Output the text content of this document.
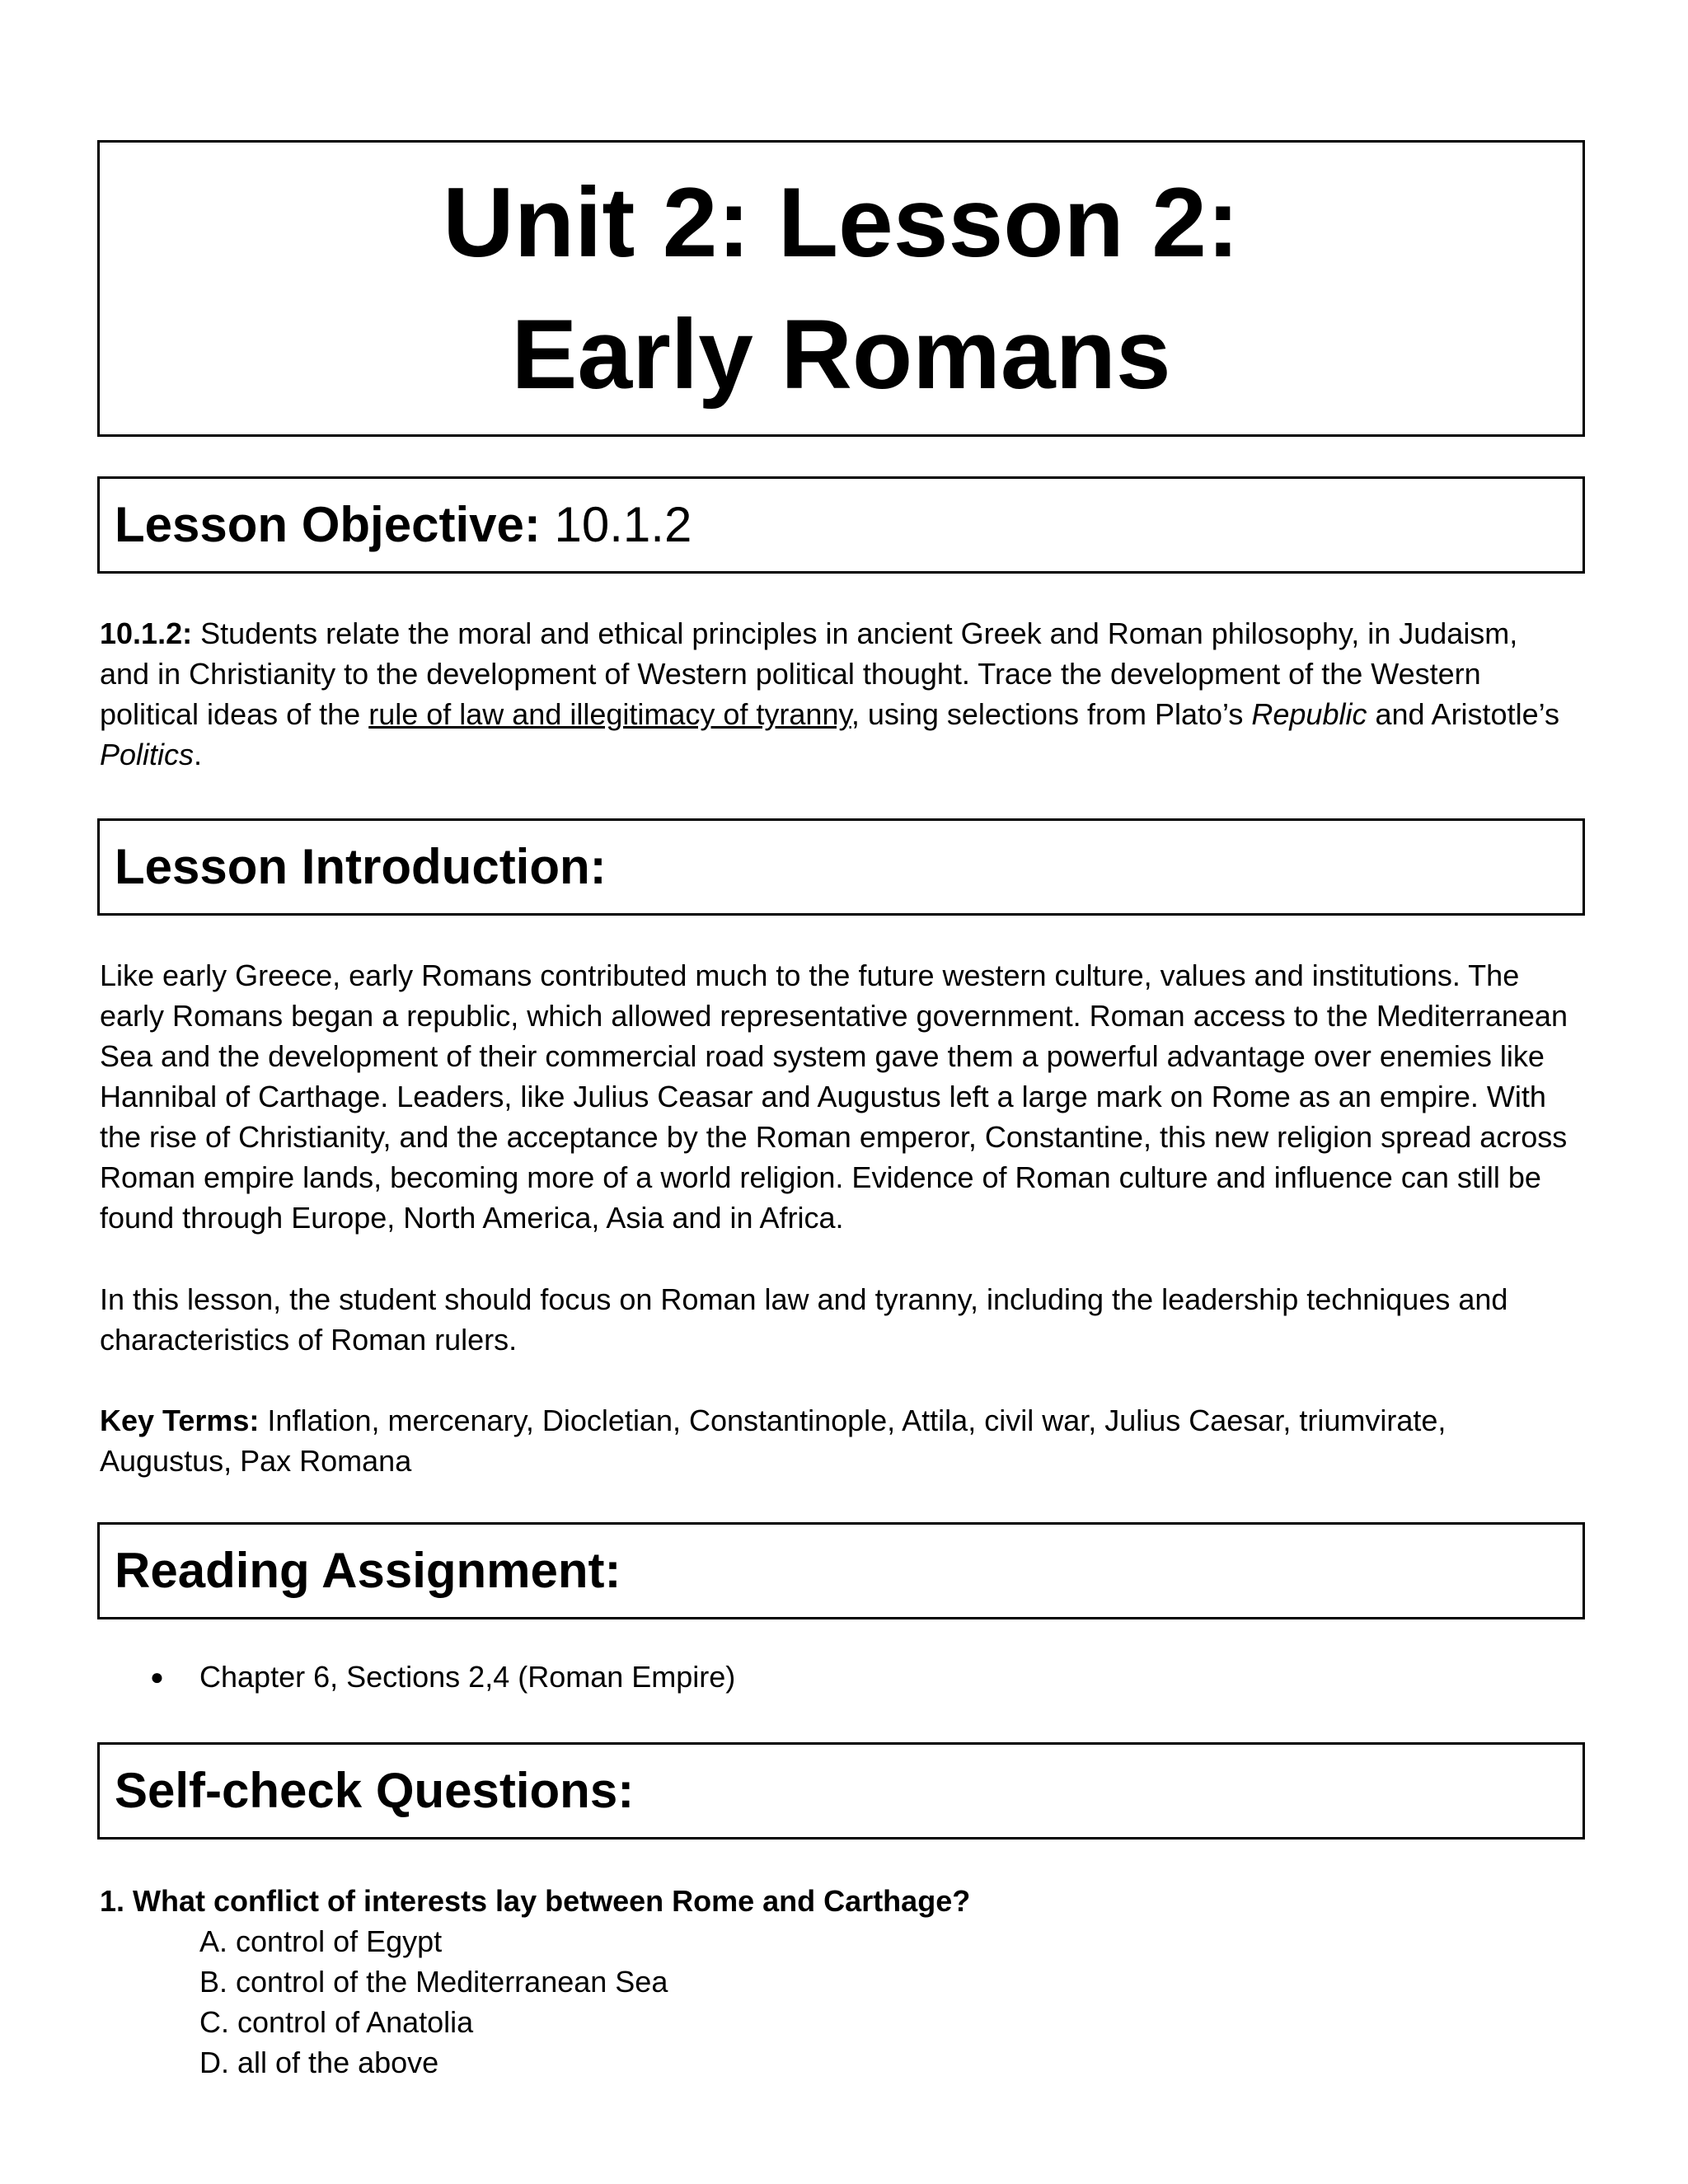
Unit 2: Lesson 2:
Early Romans
Lesson Objective: 10.1.2

10.1.2: Students relate the moral and ethical principles in ancient Greek and Roman philosophy, in Judaism, and in Christianity to the development of Western political thought. Trace the development of the Western political ideas of the rule of law and illegitimacy of tyranny, using selections from Plato’s Republic and Aristotle’s Politics.

Lesson Introduction:

Like early Greece, early Romans contributed much to the future western culture, values and institutions. The early Romans began a republic, which allowed representative government. Roman access to the Mediterranean Sea and the development of their commercial road system gave them a powerful advantage over enemies like Hannibal of Carthage. Leaders, like Julius Ceasar and Augustus left a large mark on Rome as an empire. With the rise of Christianity, and the acceptance by the Roman emperor, Constantine, this new religion spread across Roman empire lands, becoming more of a world religion. Evidence of Roman culture and influence can still be found through Europe, North America, Asia and in Africa.

In this lesson, the student should focus on Roman law and tyranny, including the leadership techniques and characteristics of Roman rulers.

Key Terms: Inflation, mercenary, Diocletian, Constantinople, Attila, civil war, Julius Caesar, triumvirate, Augustus, Pax Romana

Reading Assignment:
●	Chapter 6, Sections 2,4 (Roman Empire)
Self-check Questions:
1. What conflict of interests lay between Rome and Carthage?
A. control of Egypt
B. control of the Mediterranean Sea
C. control of Anatolia
D. all of the above
